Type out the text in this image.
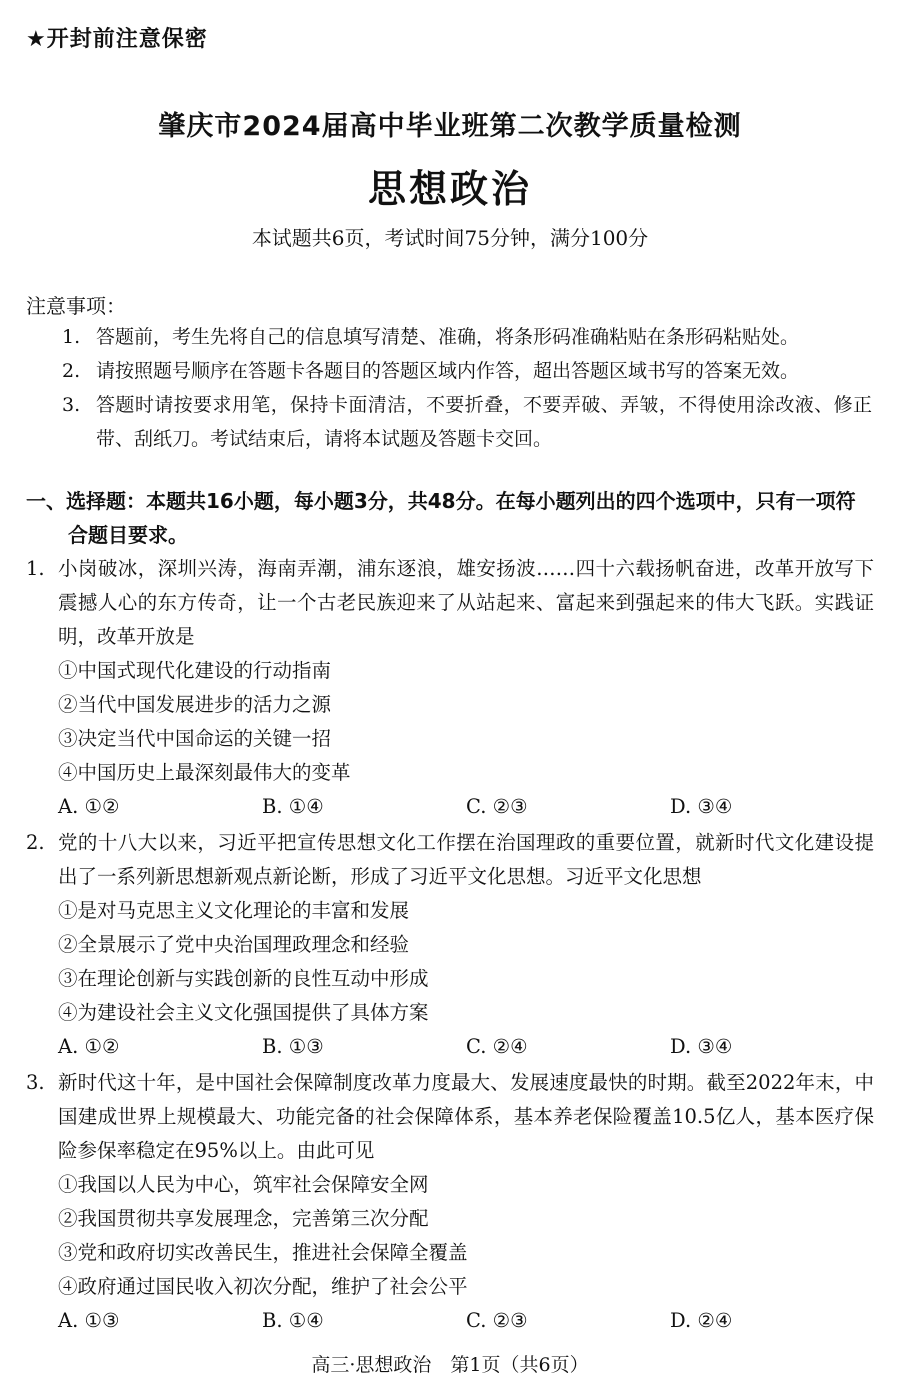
★开封前注意保密
肇庆市2024届高中毕业班第二次教学质量检测
思想政治
本试题共6页，考试时间75分钟，满分100分
注意事项：
1. 答题前，考生先将自己的信息填写清楚、准确，将条形码准确粘贴在条形码粘贴处。
2. 请按照题号顺序在答题卡各题目的答题区域内作答，超出答题区域书写的答案无效。
3. 答题时请按要求用笔，保持卡面清洁，不要折叠，不要弄破、弄皱，不得使用涂改液、修正带、刮纸刀。考试结束后，请将本试题及答题卡交回。
一、选择题：本题共16小题，每小题3分，共48分。在每小题列出的四个选项中，只有一项符合题目要求。
1. 小岗破冰，深圳兴涛，海南弄潮，浦东逐浪，雄安扬波……四十六载扬帆奋进，改革开放写下震撼人心的东方传奇，让一个古老民族迎来了从站起来、富起来到强起来的伟大飞跃。实践证明，改革开放是
①中国式现代化建设的行动指南
②当代中国发展进步的活力之源
③决定当代中国命运的关键一招
④中国历史上最深刻最伟大的变革
A. ①②	B. ①④	C. ②③	D. ③④
2. 党的十八大以来，习近平把宣传思想文化工作摆在治国理政的重要位置，就新时代文化建设提出了一系列新思想新观点新论断，形成了习近平文化思想。习近平文化思想
①是对马克思主义文化理论的丰富和发展
②全景展示了党中央治国理政理念和经验
③在理论创新与实践创新的良性互动中形成
④为建设社会主义文化强国提供了具体方案
A. ①②	B. ①③	C. ②④	D. ③④
3. 新时代这十年，是中国社会保障制度改革力度最大、发展速度最快的时期。截至2022年末，中国建成世界上规模最大、功能完备的社会保障体系，基本养老保险覆盖10.5亿人，基本医疗保险参保率稳定在95%以上。由此可见
①我国以人民为中心，筑牢社会保障安全网
②我国贯彻共享发展理念，完善第三次分配
③党和政府切实改善民生，推进社会保障全覆盖
④政府通过国民收入初次分配，维护了社会公平
A. ①③	B. ①④	C. ②③	D. ②④
高三·思想政治　第1页（共6页）
